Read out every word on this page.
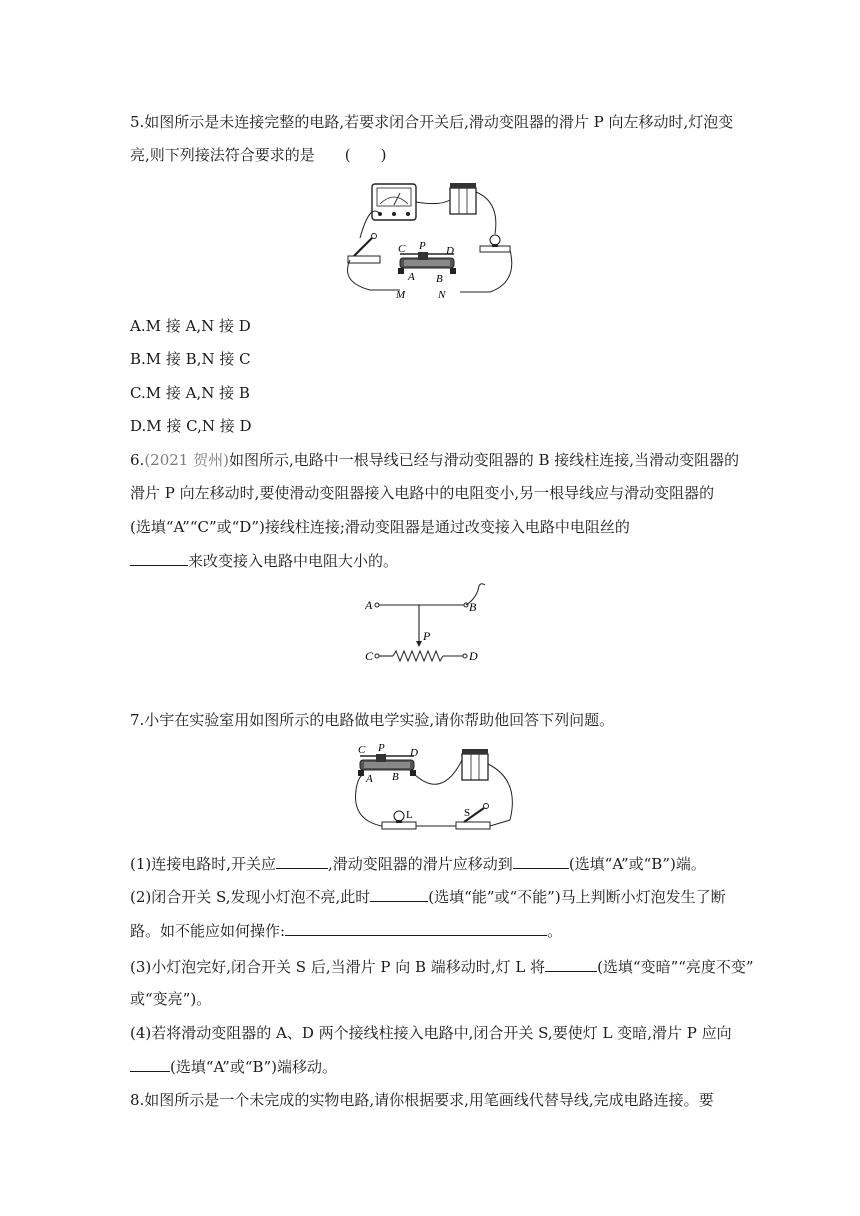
5.如图所示是未连接完整的电路,若要求闭合开关后,滑动变阻器的滑片 P 向左移动时,灯泡变
亮,则下列接法符合要求的是　　(　　)
C P D
A B
M	N
A.M 接 A,N 接 D
B.M 接 B,N 接 C
C.M 接 A,N 接 B
D.M 接 C,N 接 D
6.(2021 贺州)如图所示,电路中一根导线已经与滑动变阻器的 B 接线柱连接,当滑动变阻器的
滑片 P 向左移动时,要使滑动变阻器接入电路中的电阻变小,另一根导线应与滑动变阻器的
(选填“A”“C”或“D”)接线柱连接;滑动变阻器是通过改变接入电路中电阻丝的
来改变接入电路中电阻大小的。
A	B
C	D
P
7.小宇在实验室用如图所示的电路做电学实验,请你帮助他回答下列问题。
C P D
A B
L	S
(1)连接电路时,开关应	,滑动变阻器的滑片应移动到	(选填“A”或“B”)端。
(2)闭合开关 S,发现小灯泡不亮,此时	(选填“能”或“不能”)马上判断小灯泡发生了断
路。如不能应如何操作:	。
(3)小灯泡完好,闭合开关 S 后,当滑片 P 向 B 端移动时,灯 L 将	(选填“变暗”“亮度不变”
或“变亮”)。
(4)若将滑动变阻器的 A、D 两个接线柱接入电路中,闭合开关 S,要使灯 L 变暗,滑片 P 应向
(选填“A”或“B”)端移动。
8.如图所示是一个未完成的实物电路,请你根据要求,用笔画线代替导线,完成电路连接。要
